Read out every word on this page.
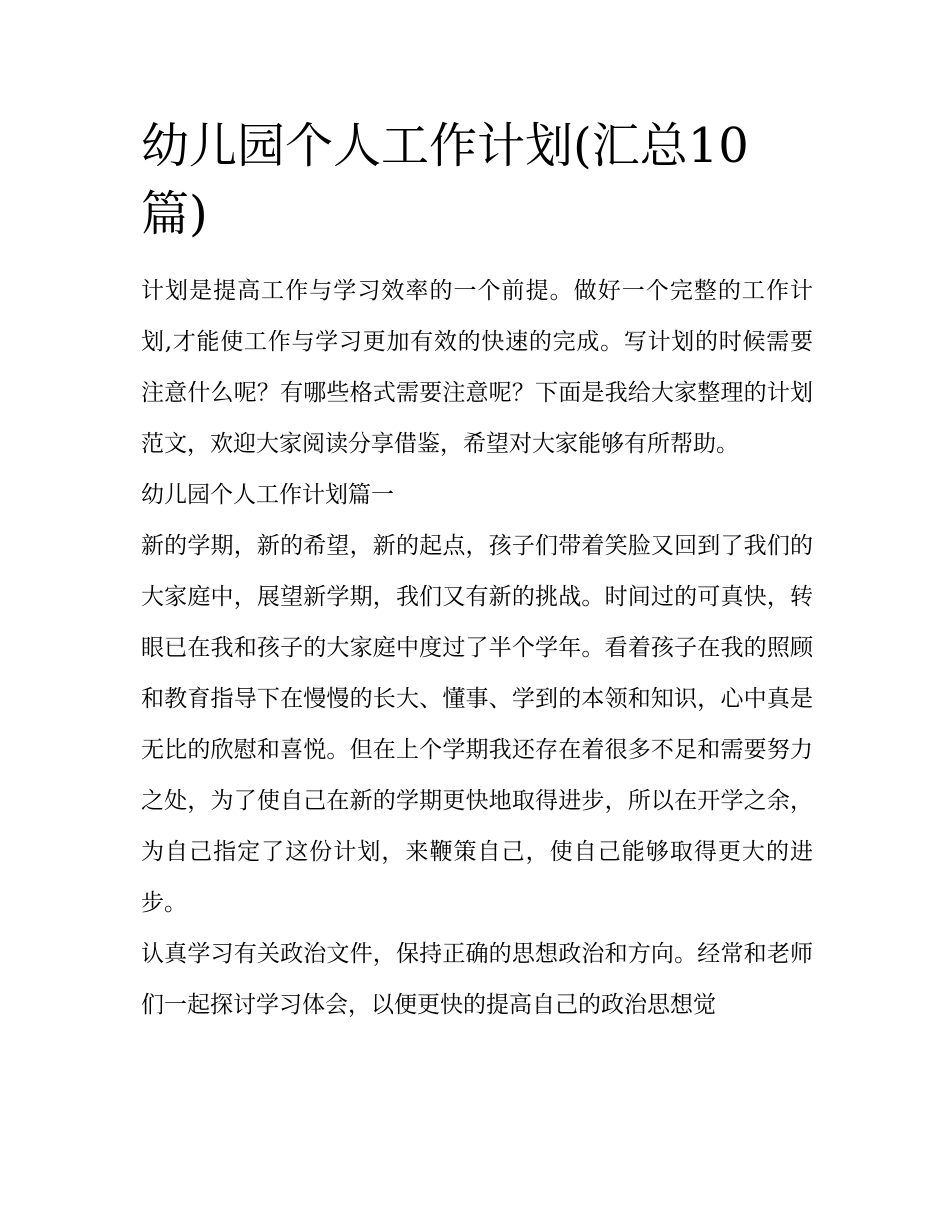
幼儿园个人工作计划(汇总10篇)

计划是提高工作与学习效率的一个前提。做好一个完整的工作计划,才能使工作与学习更加有效的快速的完成。写计划的时候需要注意什么呢？有哪些格式需要注意呢？下面是我给大家整理的计划范文，欢迎大家阅读分享借鉴，希望对大家能够有所帮助。

幼儿园个人工作计划篇一

新的学期，新的希望，新的起点，孩子们带着笑脸又回到了我们的大家庭中，展望新学期，我们又有新的挑战。时间过的可真快，转眼已在我和孩子的大家庭中度过了半个学年。看着孩子在我的照顾和教育指导下在慢慢的长大、懂事、学到的本领和知识，心中真是无比的欣慰和喜悦。但在上个学期我还存在着很多不足和需要努力之处，为了使自己在新的学期更快地取得进步，所以在开学之余，为自己指定了这份计划，来鞭策自己，使自己能够取得更大的进步。

认真学习有关政治文件，保持正确的思想政治和方向。经常和老师们一起探讨学习体会，以便更快的提高自己的政治思想觉
